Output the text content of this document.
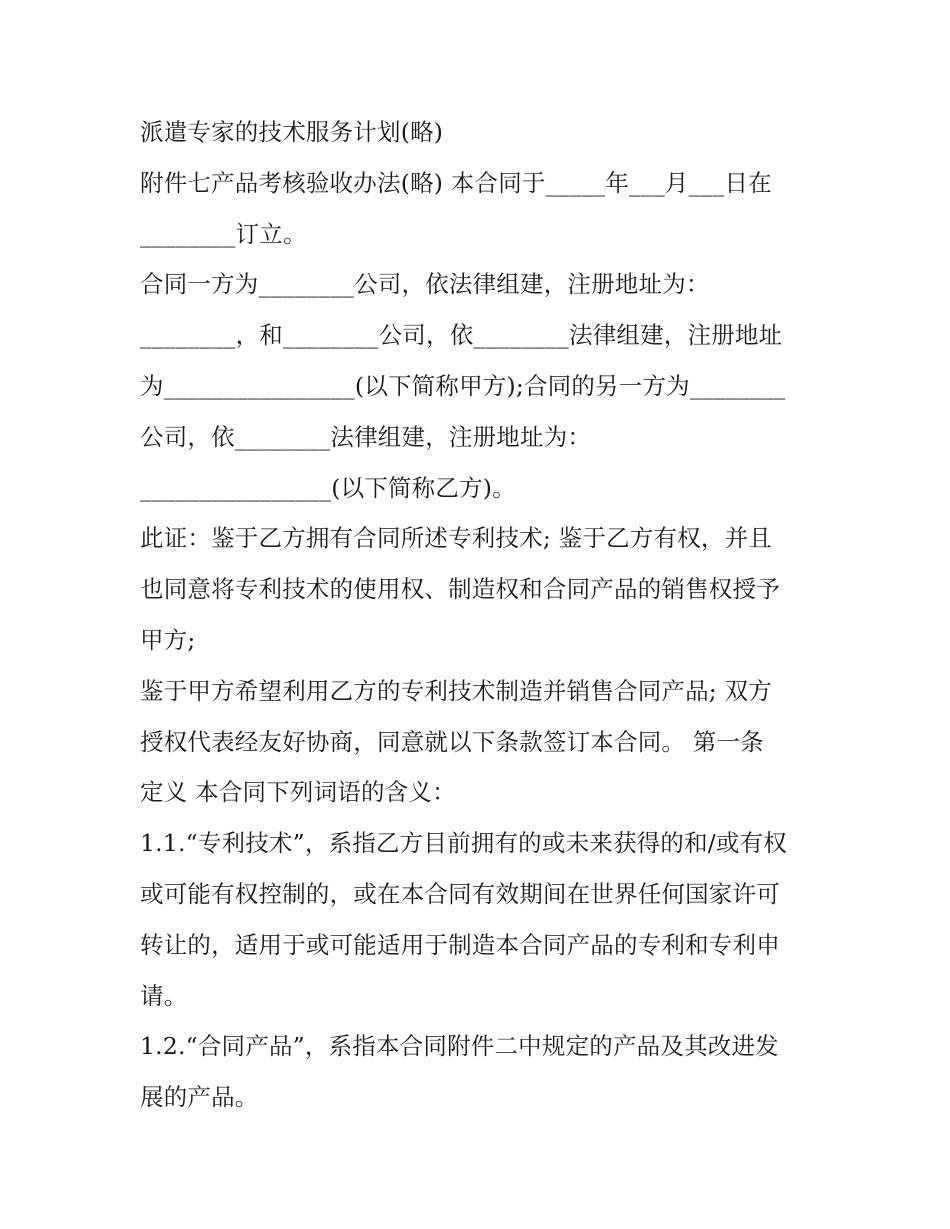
派遣专家的技术服务计划(略)
附件七产品考核验收办法(略) 本合同于_____年___月___日在
________订立。
合同一方为________公司，依法律组建，注册地址为：
________，和________公司，依________法律组建，注册地址
为________________(以下简称甲方);合同的另一方为________
公司，依________法律组建，注册地址为：
________________(以下简称乙方)。
此证：鉴于乙方拥有合同所述专利技术; 鉴于乙方有权，并且
也同意将专利技术的使用权、制造权和合同产品的销售权授予
甲方;
鉴于甲方希望利用乙方的专利技术制造并销售合同产品; 双方
授权代表经友好协商，同意就以下条款签订本合同。 第一条
定义 本合同下列词语的含义：
1.1.“专利技术”，系指乙方目前拥有的或未来获得的和/或有权
或可能有权控制的，或在本合同有效期间在世界任何国家许可
转让的，适用于或可能适用于制造本合同产品的专利和专利申
请。
1.2.“合同产品”，系指本合同附件二中规定的产品及其改进发
展的产品。
